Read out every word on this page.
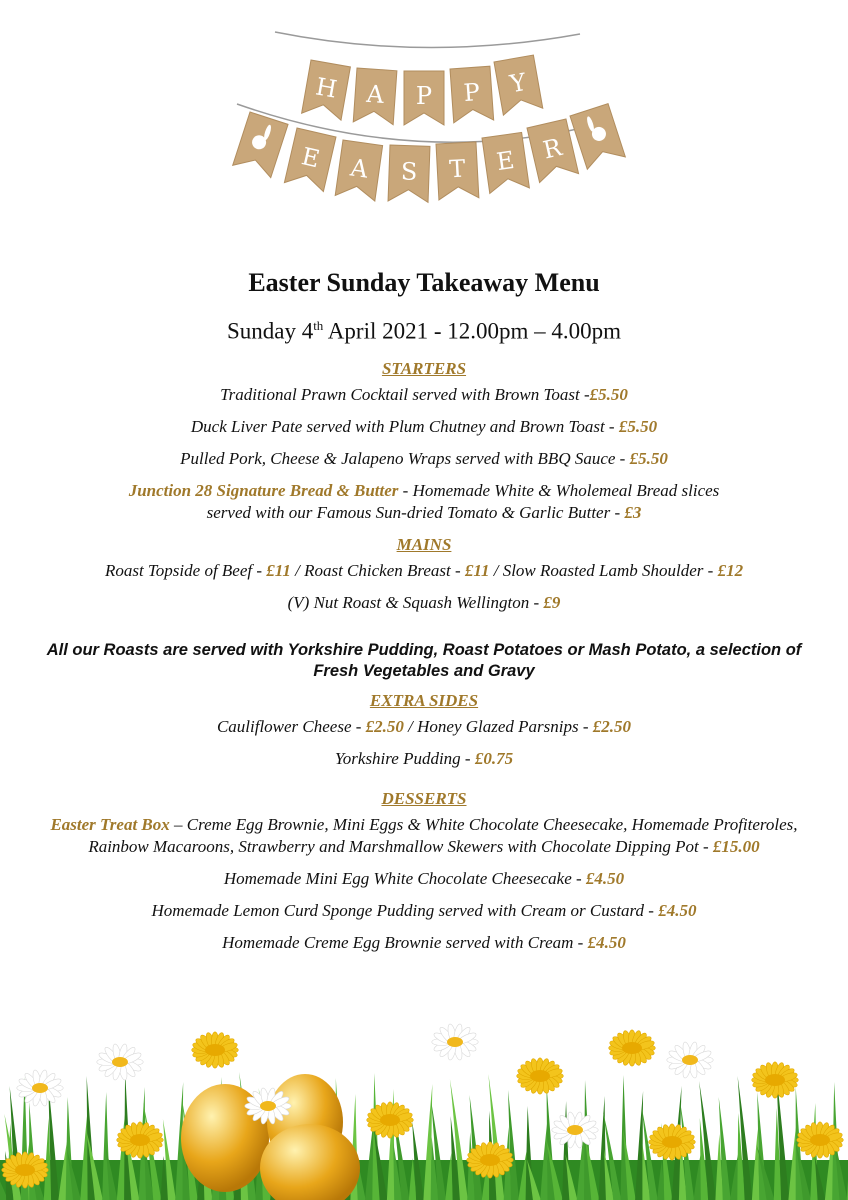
H A P P Y
E A S T E R
Easter Sunday Takeaway Menu

Sunday 4th April 2021 - 12.00pm – 4.00pm

STARTERS

Traditional Prawn Cocktail served with Brown Toast -£5.50

Duck Liver Pate served with Plum Chutney and Brown Toast - £5.50

Pulled Pork, Cheese & Jalapeno Wraps served with BBQ Sauce - £5.50

Junction 28 Signature Bread & Butter - Homemade White & Wholemeal Bread slices served with our Famous Sun-dried Tomato & Garlic Butter - £3

MAINS

Roast Topside of Beef - £11 / Roast Chicken Breast - £11 / Slow Roasted Lamb Shoulder - £12

(V) Nut Roast & Squash Wellington - £9

All our Roasts are served with Yorkshire Pudding, Roast Potatoes or Mash Potato, a selection of Fresh Vegetables and Gravy

EXTRA SIDES

Cauliflower Cheese - £2.50 / Honey Glazed Parsnips - £2.50

Yorkshire Pudding - £0.75

DESSERTS

Easter Treat Box – Creme Egg Brownie, Mini Eggs & White Chocolate Cheesecake, Homemade Profiteroles, Rainbow Macaroons, Strawberry and Marshmallow Skewers with Chocolate Dipping Pot - £15.00

Homemade Mini Egg White Chocolate Cheesecake - £4.50

Homemade Lemon Curd Sponge Pudding served with Cream or Custard - £4.50

Homemade Creme Egg Brownie served with Cream - £4.50
